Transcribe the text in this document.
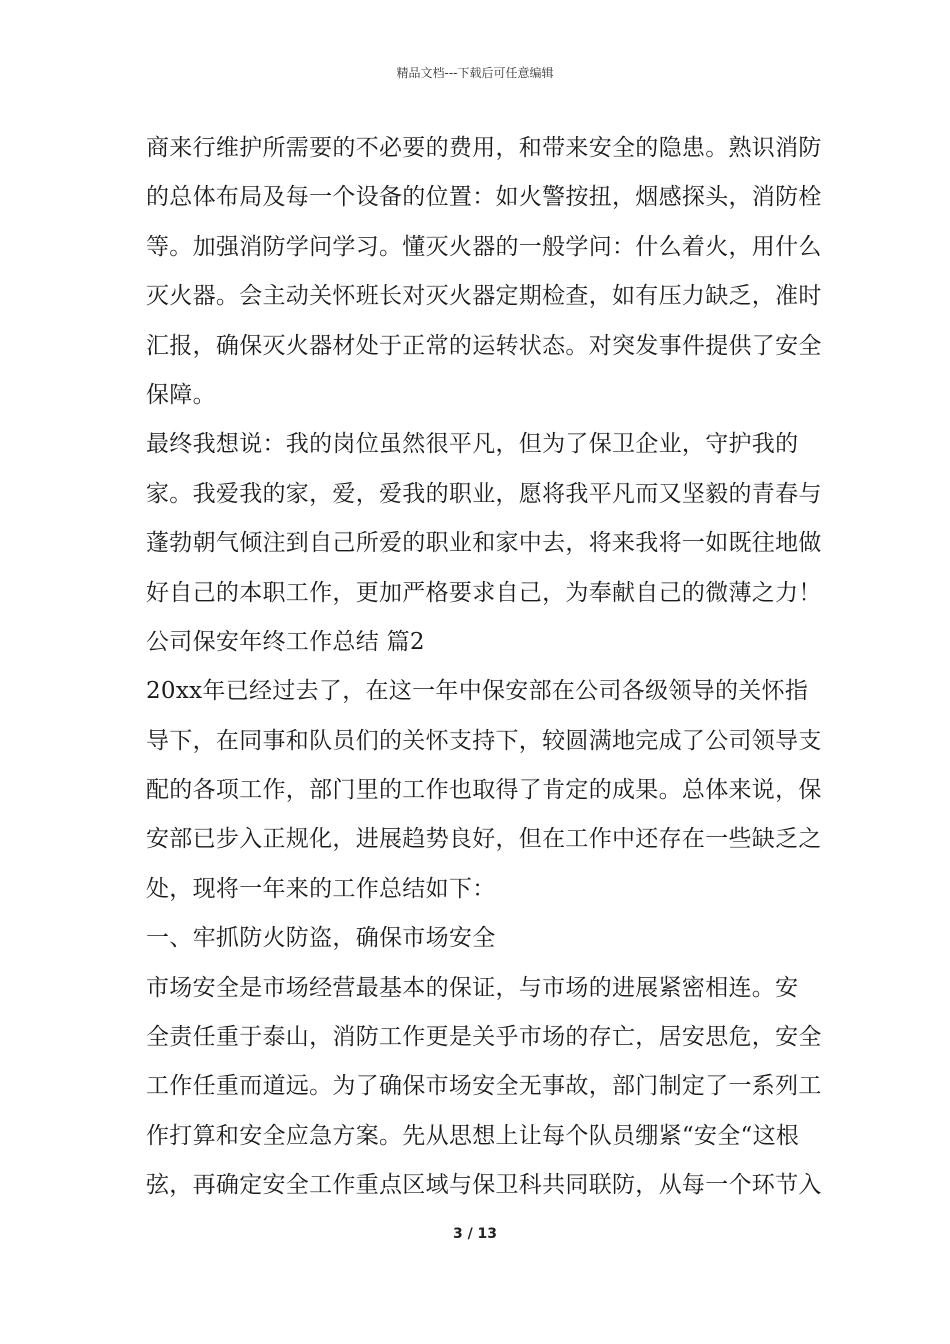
精品文档---下载后可任意编辑
商来行维护所需要的不必要的费用，和带来安全的隐患。熟识消防
的总体布局及每一个设备的位置：如火警按扭，烟感探头，消防栓
等。加强消防学问学习。懂灭火器的一般学问：什么着火，用什么
灭火器。会主动关怀班长对灭火器定期检查，如有压力缺乏，准时
汇报，确保灭火器材处于正常的运转状态。对突发事件提供了安全
保障。
最终我想说：我的岗位虽然很平凡，但为了保卫企业，守护我的
家。我爱我的家，爱，爱我的职业，愿将我平凡而又坚毅的青春与
蓬勃朝气倾注到自己所爱的职业和家中去，将来我将一如既往地做
好自己的本职工作，更加严格要求自己，为奉献自己的微薄之力！
公司保安年终工作总结 篇2
20xx年已经过去了，在这一年中保安部在公司各级领导的关怀指
导下，在同事和队员们的关怀支持下，较圆满地完成了公司领导支
配的各项工作，部门里的工作也取得了肯定的成果。总体来说，保
安部已步入正规化，进展趋势良好，但在工作中还存在一些缺乏之
处，现将一年来的工作总结如下：
一、牢抓防火防盗，确保市场安全
市场安全是市场经营最基本的保证，与市场的进展紧密相连。安
全责任重于泰山，消防工作更是关乎市场的存亡，居安思危，安全
工作任重而道远。为了确保市场安全无事故，部门制定了一系列工
作打算和安全应急方案。先从思想上让每个队员绷紧“安全“这根
弦，再确定安全工作重点区域与保卫科共同联防，从每一个环节入
3 / 13
